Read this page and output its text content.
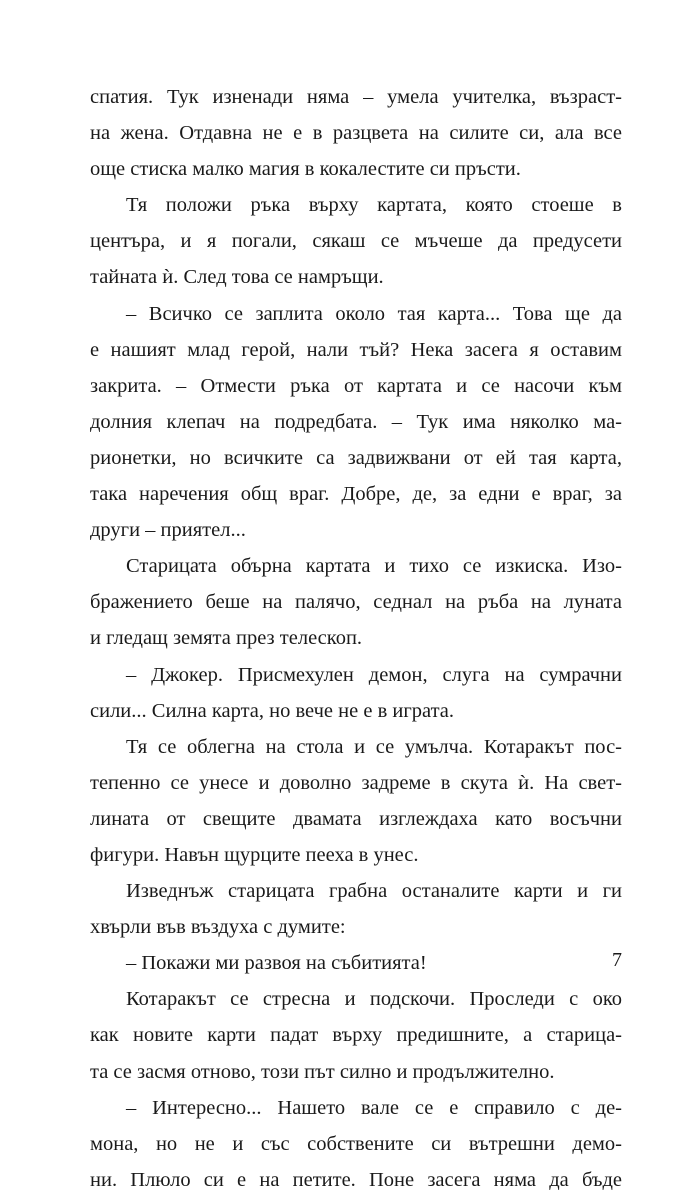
спатия. Тук изненади няма – умела учителка, възраст-
на жена. Отдавна не е в разцвета на силите си, ала все
още стиска малко магия в кокалестите си пръсти.
Тя положи ръка върху картата, която стоеше в
центъра, и я погали, сякаш се мъчеше да предусети
тайната ѝ. След това се намръщи.
– Всичко се заплита около тая карта... Това ще да
е нашият млад герой, нали тъй? Нека засега я оставим
закрита. – Отмести ръка от картата и се насочи към
долния клепач на подредбата. – Тук има няколко ма-
рионетки, но всичките са задвижвани от ей тая карта,
така наречения общ враг. Добре, де, за едни е враг, за
други – приятел...
Старицата обърна картата и тихо се изкиска. Изо-
бражението беше на палячо, седнал на ръба на луната
и гледащ земята през телескоп.
– Джокер. Присмехулен демон, слуга на сумрачни
сили... Силна карта, но вече не е в играта.
Тя се облегна на стола и се умълча. Котаракът пос-
тепенно се унесе и доволно задреме в скута ѝ. На свет-
лината от свещите двамата изглеждаха като восъчни
фигури. Навън щурците пееха в унес.
Изведнъж старицата грабна останалите карти и ги
хвърли във въздуха с думите:
– Покажи ми развоя на събитията!
Котаракът се стресна и подскочи. Проследи с око
как новите карти падат върху предишните, а старица-
та се засмя отново, този път силно и продължително.
– Интересно... Нашето вале се е справило с де-
мона, но не и със собствените си вътрешни демо-
ни. Плюло си е на петите. Поне засега няма да бъде
7
